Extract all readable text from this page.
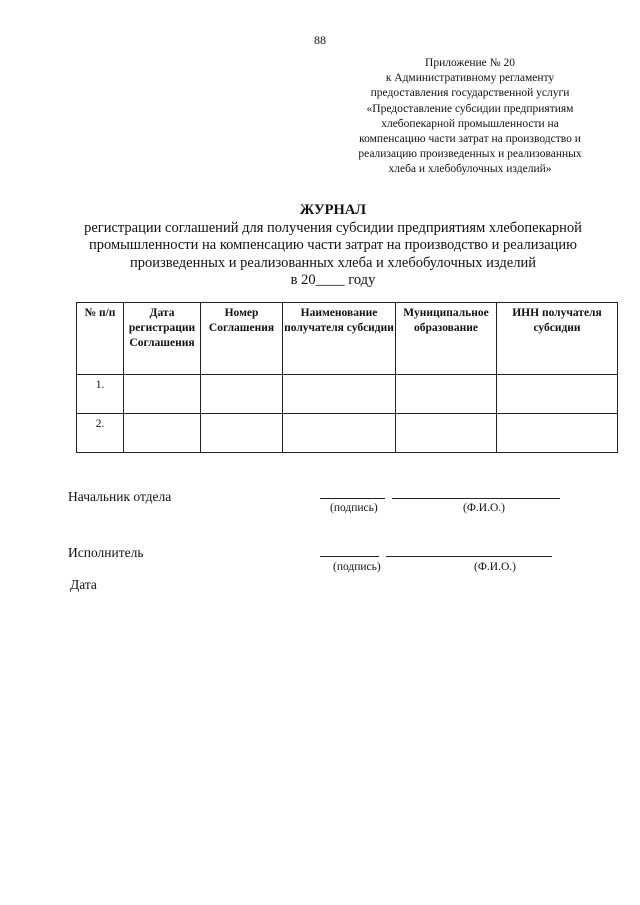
88
Приложение № 20
к Административному регламенту
предоставления государственной услуги
«Предоставление субсидии предприятиям
хлебопекарной промышленности на
компенсацию части затрат на производство и
реализацию произведенных и реализованных
хлеба и хлебобулочных изделий»
ЖУРНАЛ
регистрации соглашений для получения субсидии предприятиям хлебопекарной
промышленности на компенсацию части затрат на производство и реализацию
произведенных и реализованных хлеба и хлебобулочных изделий
в 20____ году
№ п/п	Дата регистрации Соглашения	Номер Соглашения	Наименование получателя субсидии	Муниципальное образование	ИНН получателя субсидии
1.					
2.					
Начальник отдела
(подпись)	(Ф.И.О.)
Исполнитель
(подпись)	(Ф.И.О.)
Дата
